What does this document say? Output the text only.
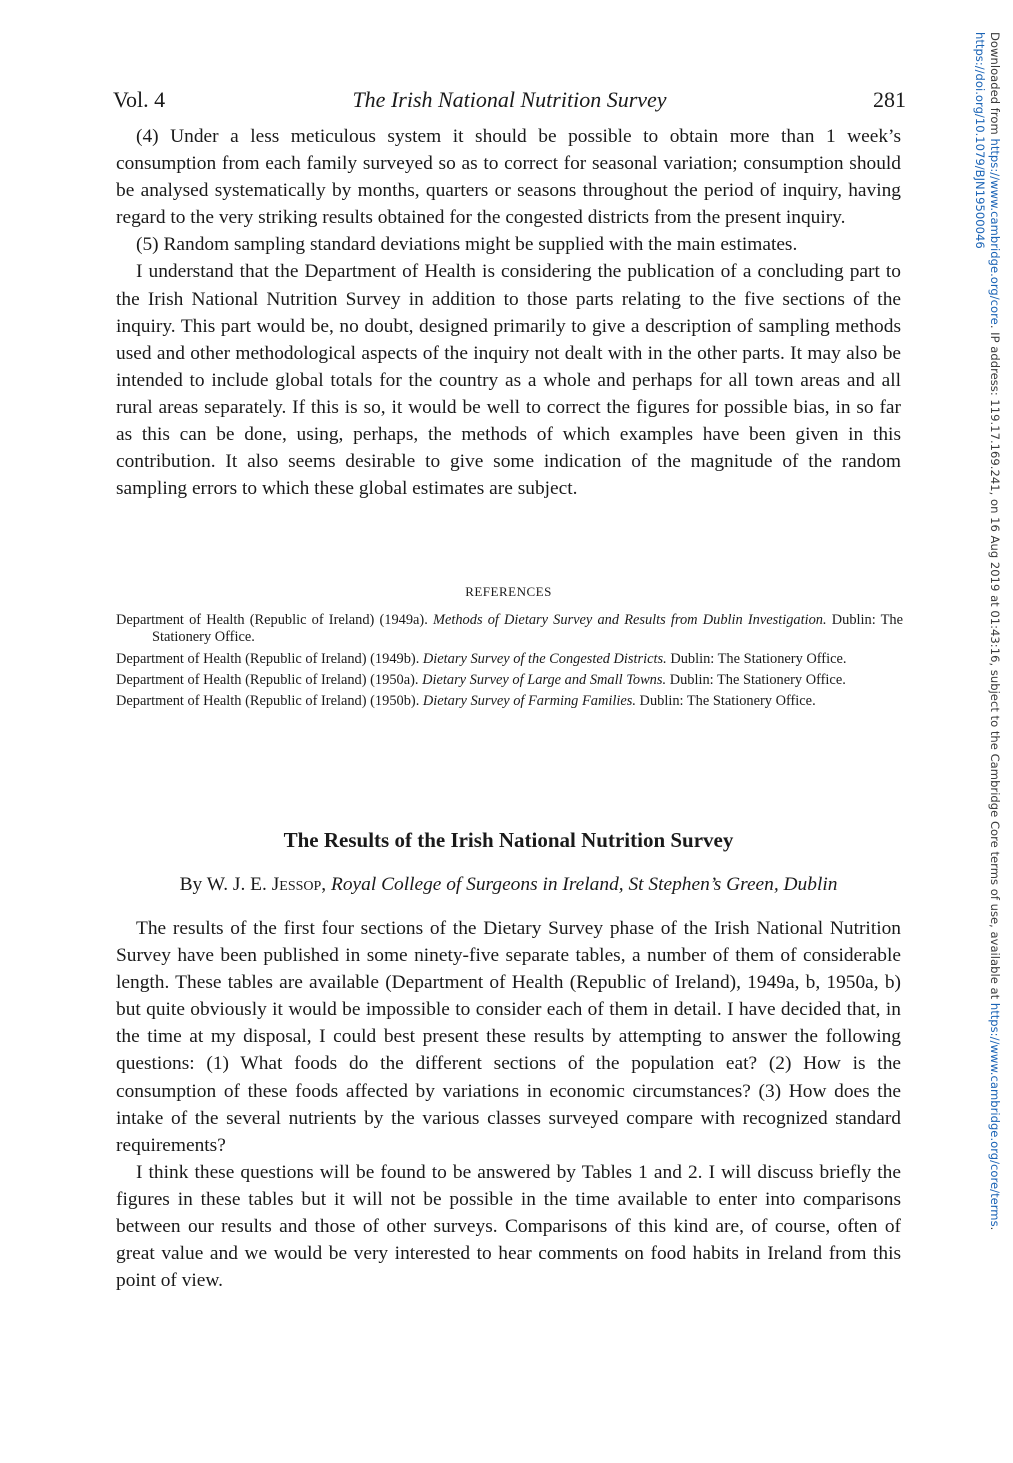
Vol. 4	The Irish National Nutrition Survey	281

(4) Under a less meticulous system it should be possible to obtain more than 1 week’s consumption from each family surveyed so as to correct for seasonal variation; consumption should be analysed systematically by months, quarters or seasons throughout the period of inquiry, having regard to the very striking results obtained for the congested districts from the present inquiry.

(5) Random sampling standard deviations might be supplied with the main estimates.

I understand that the Department of Health is considering the publication of a concluding part to the Irish National Nutrition Survey in addition to those parts relating to the five sections of the inquiry. This part would be, no doubt, designed primarily to give a description of sampling methods used and other methodological aspects of the inquiry not dealt with in the other parts. It may also be intended to include global totals for the country as a whole and perhaps for all town areas and all rural areas separately. If this is so, it would be well to correct the figures for possible bias, in so far as this can be done, using, perhaps, the methods of which examples have been given in this contribution. It also seems desirable to give some indication of the magnitude of the random sampling errors to which these global estimates are subject.

REFERENCES

Department of Health (Republic of Ireland) (1949a). Methods of Dietary Survey and Results from Dublin Investigation. Dublin: The Stationery Office.

Department of Health (Republic of Ireland) (1949b). Dietary Survey of the Congested Districts. Dublin: The Stationery Office.

Department of Health (Republic of Ireland) (1950a). Dietary Survey of Large and Small Towns. Dublin: The Stationery Office.

Department of Health (Republic of Ireland) (1950b). Dietary Survey of Farming Families. Dublin: The Stationery Office.

The Results of the Irish National Nutrition Survey
By W. J. E. Jessop, Royal College of Surgeons in Ireland, St Stephen’s Green, Dublin

The results of the first four sections of the Dietary Survey phase of the Irish National Nutrition Survey have been published in some ninety-five separate tables, a number of them of considerable length. These tables are available (Department of Health (Republic of Ireland), 1949a, b, 1950a, b) but quite obviously it would be impossible to consider each of them in detail. I have decided that, in the time at my disposal, I could best present these results by attempting to answer the following questions: (1) What foods do the different sections of the population eat? (2) How is the consumption of these foods affected by variations in economic circumstances? (3) How does the intake of the several nutrients by the various classes surveyed compare with recognized standard requirements?

I think these questions will be found to be answered by Tables 1 and 2. I will discuss briefly the figures in these tables but it will not be possible in the time available to enter into comparisons between our results and those of other surveys. Comparisons of this kind are, of course, often of great value and we would be very interested to hear comments on food habits in Ireland from this point of view.

Downloaded from https://www.cambridge.org/core. IP address: 119.17.169.241, on 16 Aug 2019 at 01:43:16, subject to the Cambridge Core terms of use, available at https://www.cambridge.org/core/terms.
https://doi.org/10.1079/BJN19500046
